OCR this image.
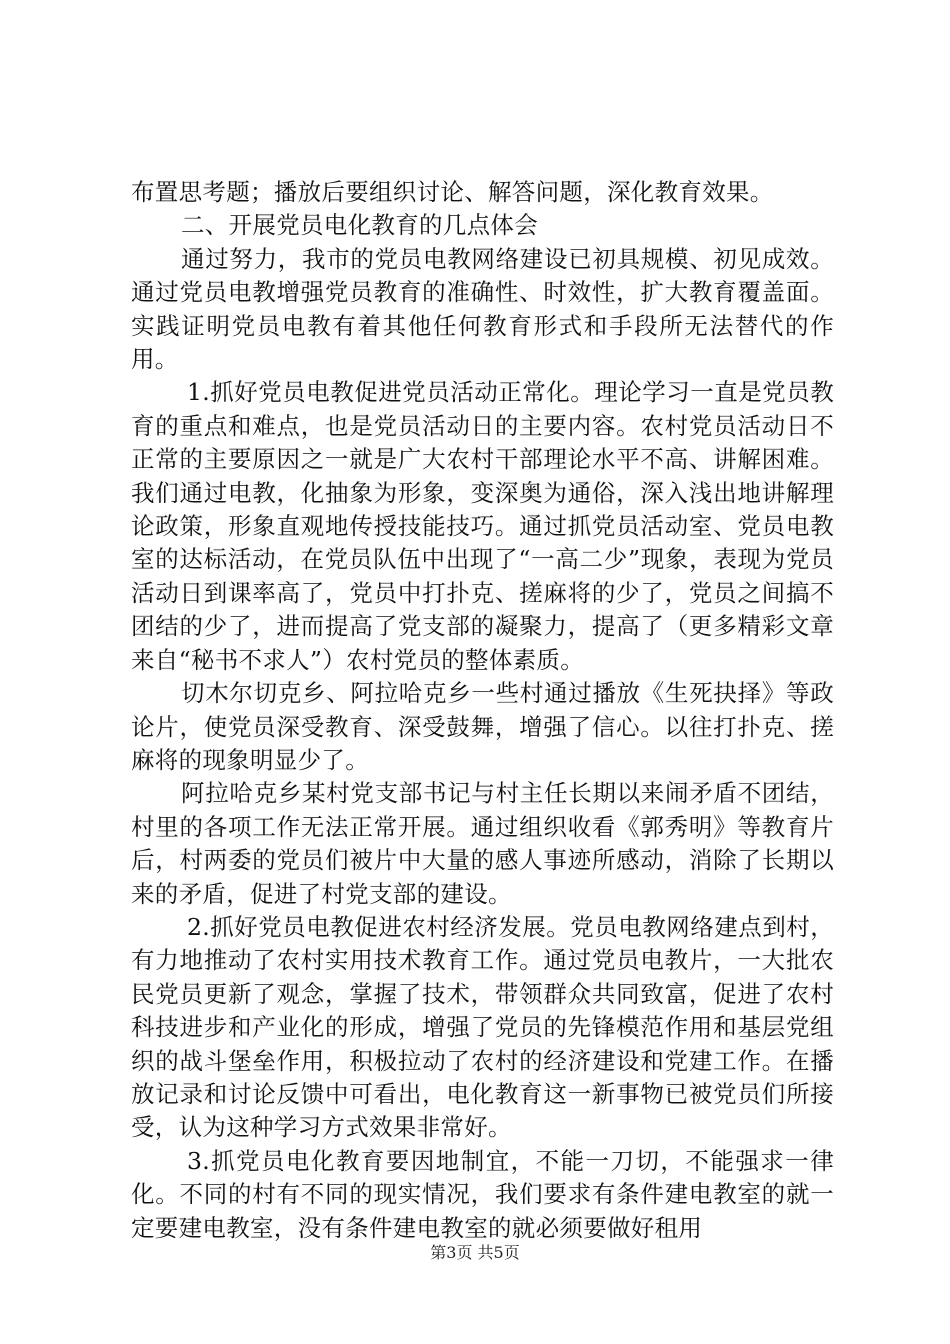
布置思考题；播放后要组织讨论、解答问题，深化教育效果。

二、开展党员电化教育的几点体会

通过努力，我市的党员电教网络建设已初具规模、初见成效。通过党员电教增强党员教育的准确性、时效性，扩大教育覆盖面。实践证明党员电教有着其他任何教育形式和手段所无法替代的作用。

1.抓好党员电教促进党员活动正常化。理论学习一直是党员教育的重点和难点，也是党员活动日的主要内容。农村党员活动日不正常的主要原因之一就是广大农村干部理论水平不高、讲解困难。我们通过电教，化抽象为形象，变深奥为通俗，深入浅出地讲解理论政策，形象直观地传授技能技巧。通过抓党员活动室、党员电教室的达标活动，在党员队伍中出现了“一高二少”现象，表现为党员活动日到课率高了，党员中打扑克、搓麻将的少了，党员之间搞不团结的少了，进而提高了党支部的凝聚力，提高了（更多精彩文章来自“秘书不求人”）农村党员的整体素质。

切木尔切克乡、阿拉哈克乡一些村通过播放《生死抉择》等政论片，使党员深受教育、深受鼓舞，增强了信心。以往打扑克、搓麻将的现象明显少了。

阿拉哈克乡某村党支部书记与村主任长期以来闹矛盾不团结，村里的各项工作无法正常开展。通过组织收看《郭秀明》等教育片后，村两委的党员们被片中大量的感人事迹所感动，消除了长期以来的矛盾，促进了村党支部的建设。

2.抓好党员电教促进农村经济发展。党员电教网络建点到村，有力地推动了农村实用技术教育工作。通过党员电教片，一大批农民党员更新了观念，掌握了技术，带领群众共同致富，促进了农村科技进步和产业化的形成，增强了党员的先锋模范作用和基层党组织的战斗堡垒作用，积极拉动了农村的经济建设和党建工作。在播放记录和讨论反馈中可看出，电化教育这一新事物已被党员们所接受，认为这种学习方式效果非常好。

3.抓党员电化教育要因地制宜，不能一刀切，不能强求一律化。不同的村有不同的现实情况，我们要求有条件建电教室的就一定要建电教室，没有条件建电教室的就必须要做好租用

第3页 共5页
